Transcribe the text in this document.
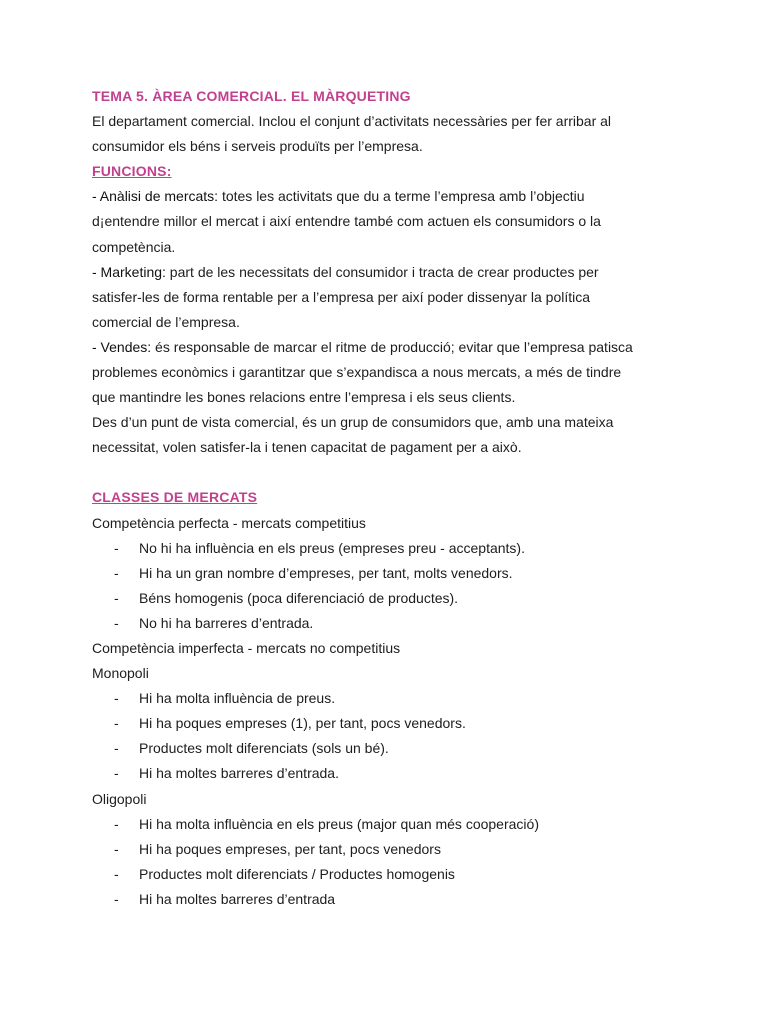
TEMA 5. ÀREA COMERCIAL. EL MÀRQUETING
El departament comercial. Inclou el conjunt d’activitats necessàries per fer arribar al
consumidor els béns i serveis produïts per l’empresa.
FUNCIONS:
- Anàlisi de mercats: totes les activitats que du a terme l’empresa amb l’objectiu
d¡entendre millor el mercat i així entendre també com actuen els consumidors o la
competència.
- Marketing: part de les necessitats del consumidor i tracta de crear productes per
satisfer-les de forma rentable per a l’empresa per així poder dissenyar la política
comercial de l’empresa.
- Vendes: és responsable de marcar el ritme de producció; evitar que l’empresa patisca
problemes econòmics i garantitzar que s’expandisca a nous mercats, a més de tindre
que mantindre les bones relacions entre l’empresa i els seus clients.
Des d’un punt de vista comercial, és un grup de consumidors que, amb una mateixa
necessitat, volen satisfer-la i tenen capacitat de pagament per a això.
CLASSES DE MERCATS
Competència perfecta - mercats competitius
- No hi ha influència en els preus (empreses preu - acceptants).
- Hi ha un gran nombre d’empreses, per tant, molts venedors.
- Béns homogenis (poca diferenciació de productes).
- No hi ha barreres d’entrada.
Competència imperfecta - mercats no competitius
Monopoli
- Hi ha molta influència de preus.
- Hi ha poques empreses (1), per tant, pocs venedors.
- Productes molt diferenciats (sols un bé).
- Hi ha moltes barreres d’entrada.
Oligopoli
- Hi ha molta influència en els preus (major quan més cooperació)
- Hi ha poques empreses, per tant, pocs venedors
- Productes molt diferenciats / Productes homogenis
- Hi ha moltes barreres d’entrada
